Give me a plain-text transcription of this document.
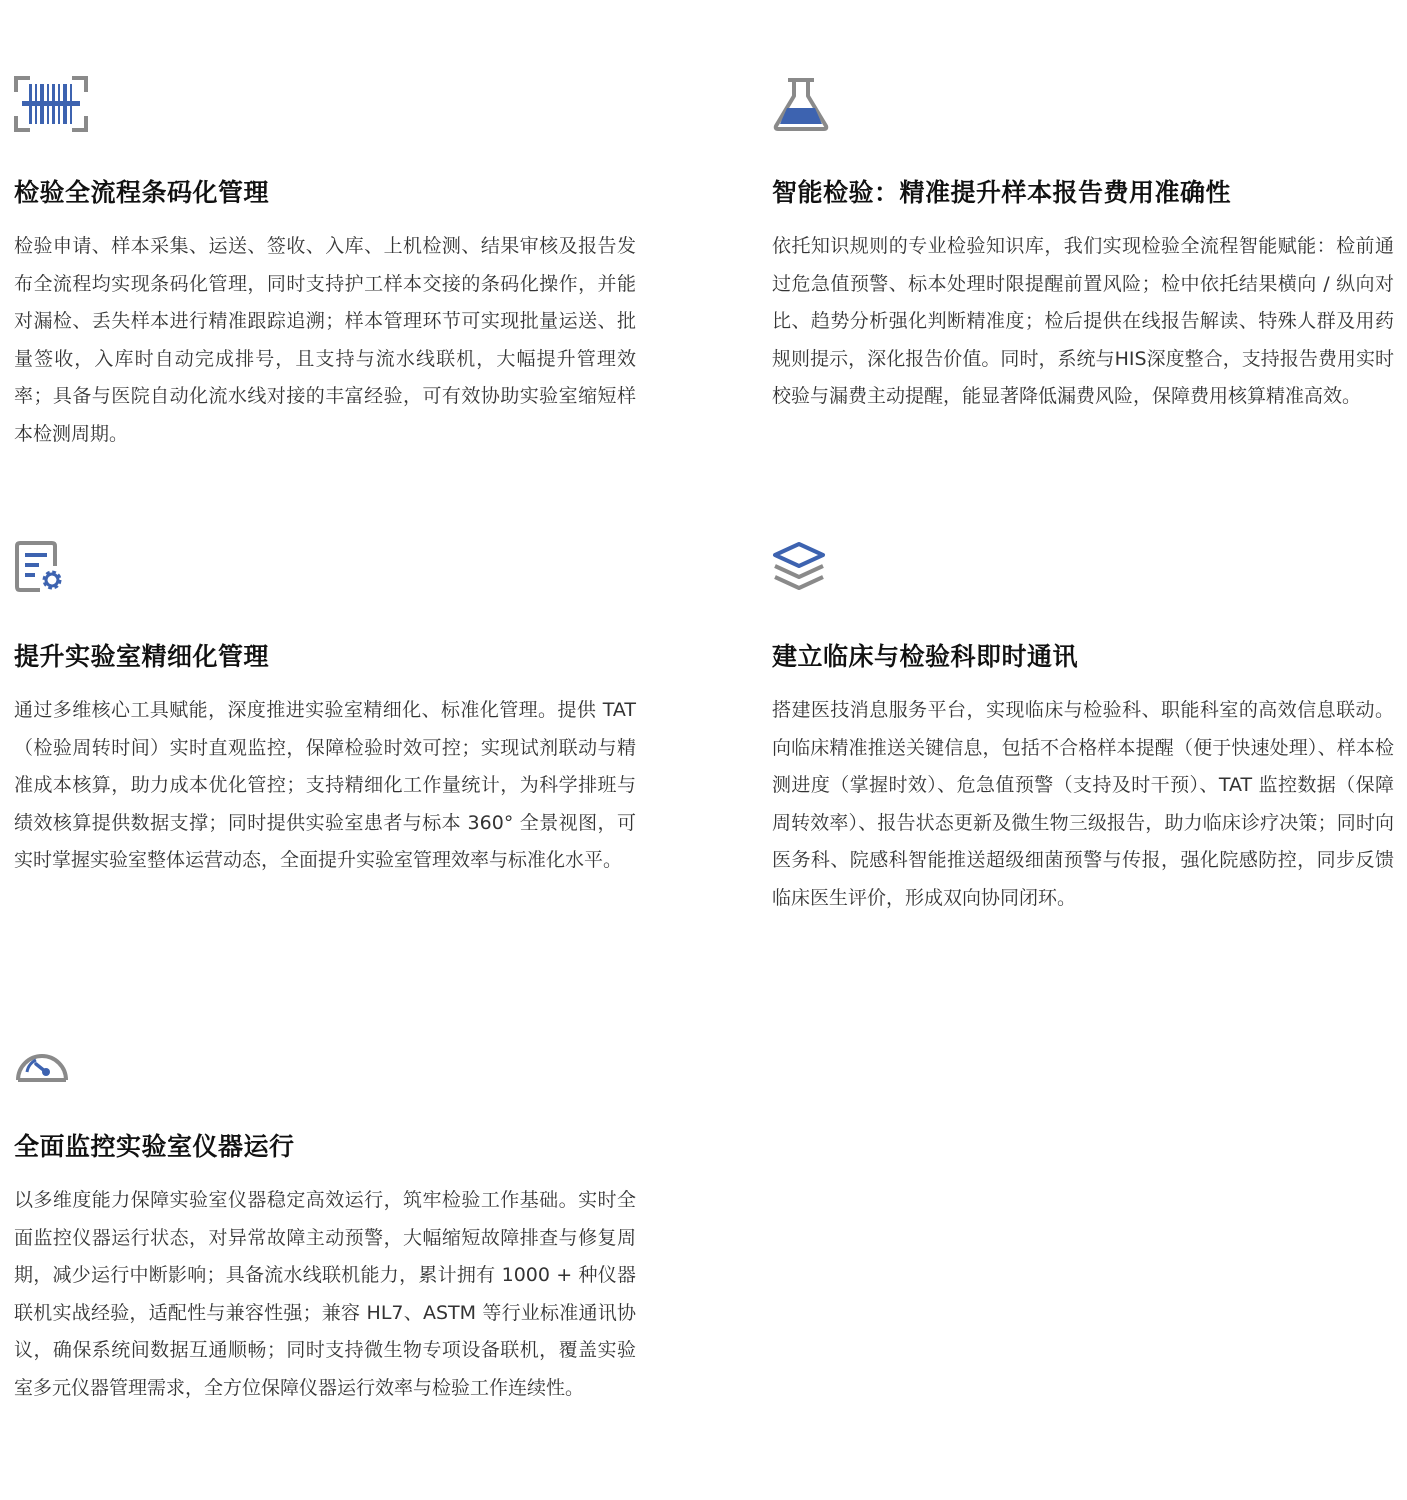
检验全流程条码化管理

检验申请、样本采集、运送、签收、入库、上机检测、结果审核及报告发布全流程均实现条码化管理，同时支持护工样本交接的条码化操作，并能对漏检、丢失样本进行精准跟踪追溯；样本管理环节可实现批量运送、批量签收，入库时自动完成排号，且支持与流水线联机，大幅提升管理效率；具备与医院自动化流水线对接的丰富经验，可有效协助实验室缩短样本检测周期。

智能检验：精准提升样本报告费用准确性

依托知识规则的专业检验知识库，我们实现检验全流程智能赋能：检前通过危急值预警、标本处理时限提醒前置风险；检中依托结果横向 / 纵向对比、趋势分析强化判断精准度；检后提供在线报告解读、特殊人群及用药规则提示，深化报告价值。同时，系统与HIS深度整合，支持报告费用实时校验与漏费主动提醒，能显著降低漏费风险，保障费用核算精准高效。

提升实验室精细化管理

通过多维核心工具赋能，深度推进实验室精细化、标准化管理。提供 TAT（检验周转时间）实时直观监控，保障检验时效可控；实现试剂联动与精准成本核算，助力成本优化管控；支持精细化工作量统计，为科学排班与绩效核算提供数据支撑；同时提供实验室患者与标本 360° 全景视图，可实时掌握实验室整体运营动态，全面提升实验室管理效率与标准化水平。

建立临床与检验科即时通讯

搭建医技消息服务平台，实现临床与检验科、职能科室的高效信息联动。向临床精准推送关键信息，包括不合格样本提醒（便于快速处理）、样本检测进度（掌握时效）、危急值预警（支持及时干预）、TAT 监控数据（保障周转效率）、报告状态更新及微生物三级报告，助力临床诊疗决策；同时向医务科、院感科智能推送超级细菌预警与传报，强化院感防控，同步反馈临床医生评价，形成双向协同闭环。

全面监控实验室仪器运行

以多维度能力保障实验室仪器稳定高效运行，筑牢检验工作基础。实时全面监控仪器运行状态，对异常故障主动预警，大幅缩短故障排查与修复周期，减少运行中断影响；具备流水线联机能力，累计拥有 1000 + 种仪器联机实战经验，适配性与兼容性强；兼容 HL7、ASTM 等行业标准通讯协议，确保系统间数据互通顺畅；同时支持微生物专项设备联机，覆盖实验室多元仪器管理需求，全方位保障仪器运行效率与检验工作连续性。
